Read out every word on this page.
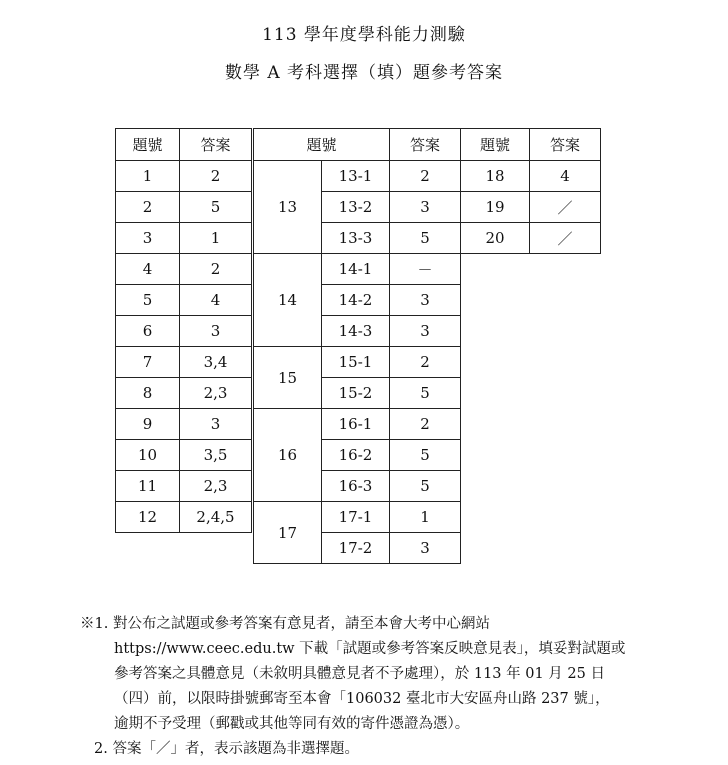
113 學年度學科能力測驗
數學 A 考科選擇（填）題參考答案
題號	答案
1	2
2	5
3	1
4	2
5	4
6	3
7	3,4
8	2,3
9	3
10	3,5
11	2,3
12	2,4,5
題號		答案
13	13-1	2
	13-2	3
	13-3	5
14	14-1	－
	14-2	3
	14-3	3
15	15-1	2
	15-2	5
16	16-1	2
	16-2	5
	16-3	5
17	17-1	1
	17-2	3
題號	答案
18	4
19	／
20	／
※1. 對公布之試題或參考答案有意見者，請至本會大考中心網站
https://www.ceec.edu.tw 下載「試題或參考答案反映意見表」，填妥對試題或
參考答案之具體意見（未敘明具體意見者不予處理），於 113 年 01 月 25 日
（四）前，以限時掛號郵寄至本會「106032 臺北市大安區舟山路 237 號」，
逾期不予受理（郵戳或其他等同有效的寄件憑證為憑）。
2. 答案「／」者，表示該題為非選擇題。
